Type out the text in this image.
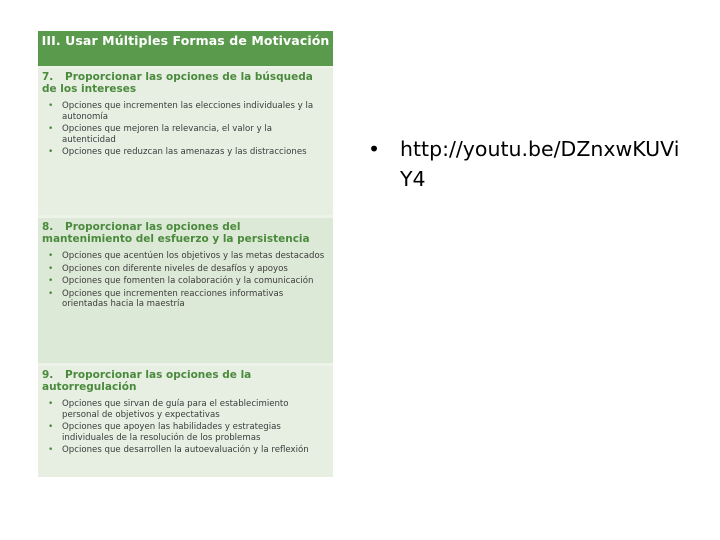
III. Usar Múltiples Formas de Motivación
7. Proporcionar las opciones de la búsqueda de los intereses
• Opciones que incrementen las elecciones individuales y la autonomía
• Opciones que mejoren la relevancia, el valor y la autenticidad
• Opciones que reduzcan las amenazas y las distracciones
8. Proporcionar las opciones del mantenimiento del esfuerzo y la persistencia
• Opciones que acentúen los objetivos y las metas destacados
• Opciones con diferente niveles de desafíos y apoyos
• Opciones que fomenten la colaboración y la comunicación
• Opciones que incrementen reacciones informativas orientadas hacia la maestría
9. Proporcionar las opciones de la autorregulación
• Opciones que sirvan de guía para el establecimiento personal de objetivos y expectativas
• Opciones que apoyen las habilidades y estrategias individuales de la resolución de los problemas
• Opciones que desarrollen la autoevaluación y la reflexión
• http://youtu.be/DZnxwKUViY4
